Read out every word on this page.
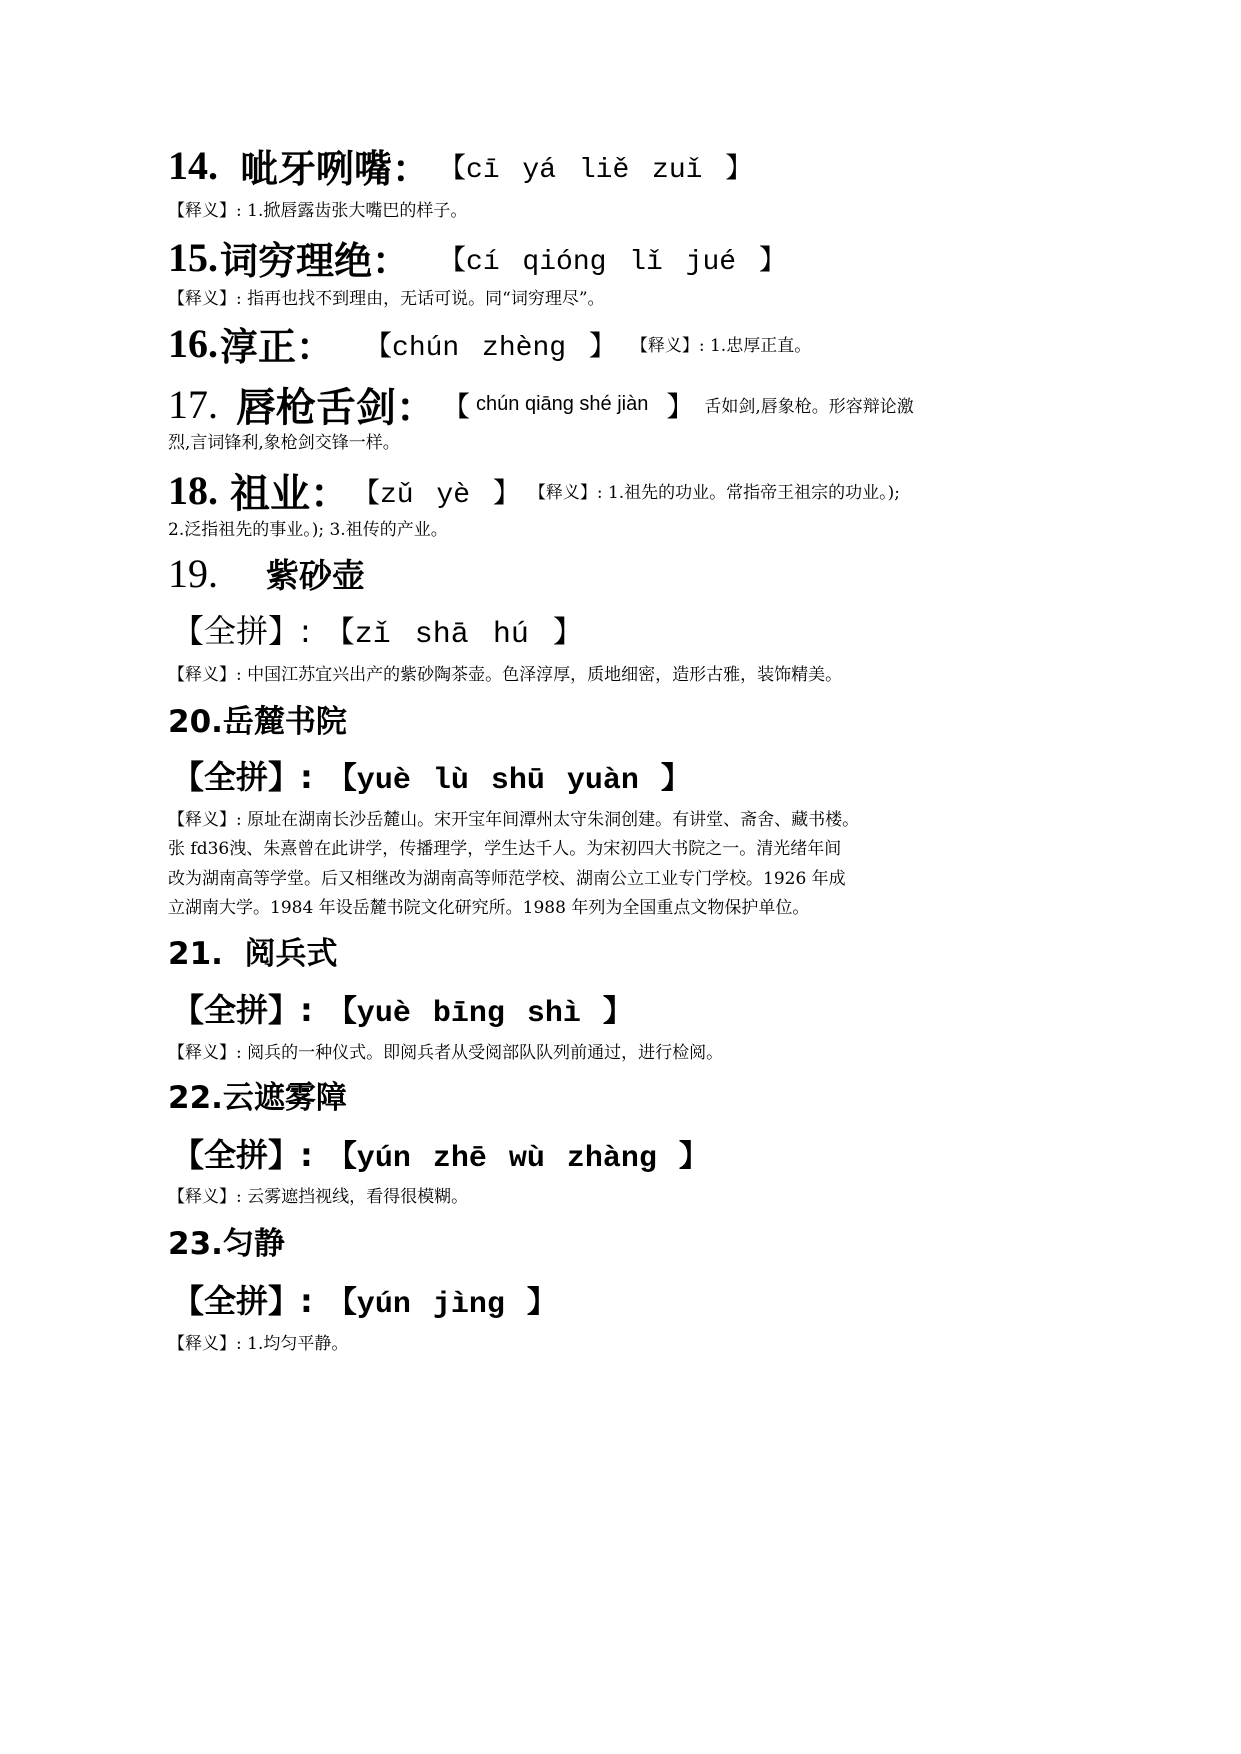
14. 呲牙咧嘴： 【cī yá liě zuǐ 】
【释义】: 1.掀唇露齿张大嘴巴的样子。
15. 词穷理绝： 【cí qióng lǐ jué 】
【释义】: 指再也找不到理由，无话可说。同“词穷理尽”。
16. 淳正： 【chún zhèng 】 【释义】: 1.忠厚正直。
17. 唇枪舌剑： 【 chún qiāng shé jiàn 】 舌如剑,唇象枪。形容辩论激
烈,言词锋利,象枪剑交锋一样。
18. 祖业： 【zǔ yè 】 【释义】: 1.祖先的功业。常指帝王祖宗的功业。);
2.泛指祖先的事业。); 3.祖传的产业。
19. 紫砂壶
【全拼】: 【zǐ shā hú 】
【释义】: 中国江苏宜兴出产的紫砂陶茶壶。色泽淳厚，质地细密，造形古雅，装饰精美。
20.岳麓书院
【全拼】: 【yuè lù shū yuàn 】
【释义】: 原址在湖南长沙岳麓山。宋开宝年间潭州太守朱洞创建。有讲堂、斋舍、藏书楼。
张 fd36洩、朱熹曾在此讲学，传播理学，学生达千人。为宋初四大书院之一。清光绪年间
改为湖南高等学堂。后又相继改为湖南高等师范学校、湖南公立工业专门学校。1926 年成
立湖南大学。1984 年设岳麓书院文化研究所。1988 年列为全国重点文物保护单位。
21.  阅兵式
【全拼】: 【yuè bīng shì 】
【释义】: 阅兵的一种仪式。即阅兵者从受阅部队队列前通过，进行检阅。
22.云遮雾障
【全拼】: 【yún zhē wù zhàng 】
【释义】: 云雾遮挡视线，看得很模糊。
23.匀静
【全拼】: 【yún jìng 】
【释义】: 1.均匀平静。
